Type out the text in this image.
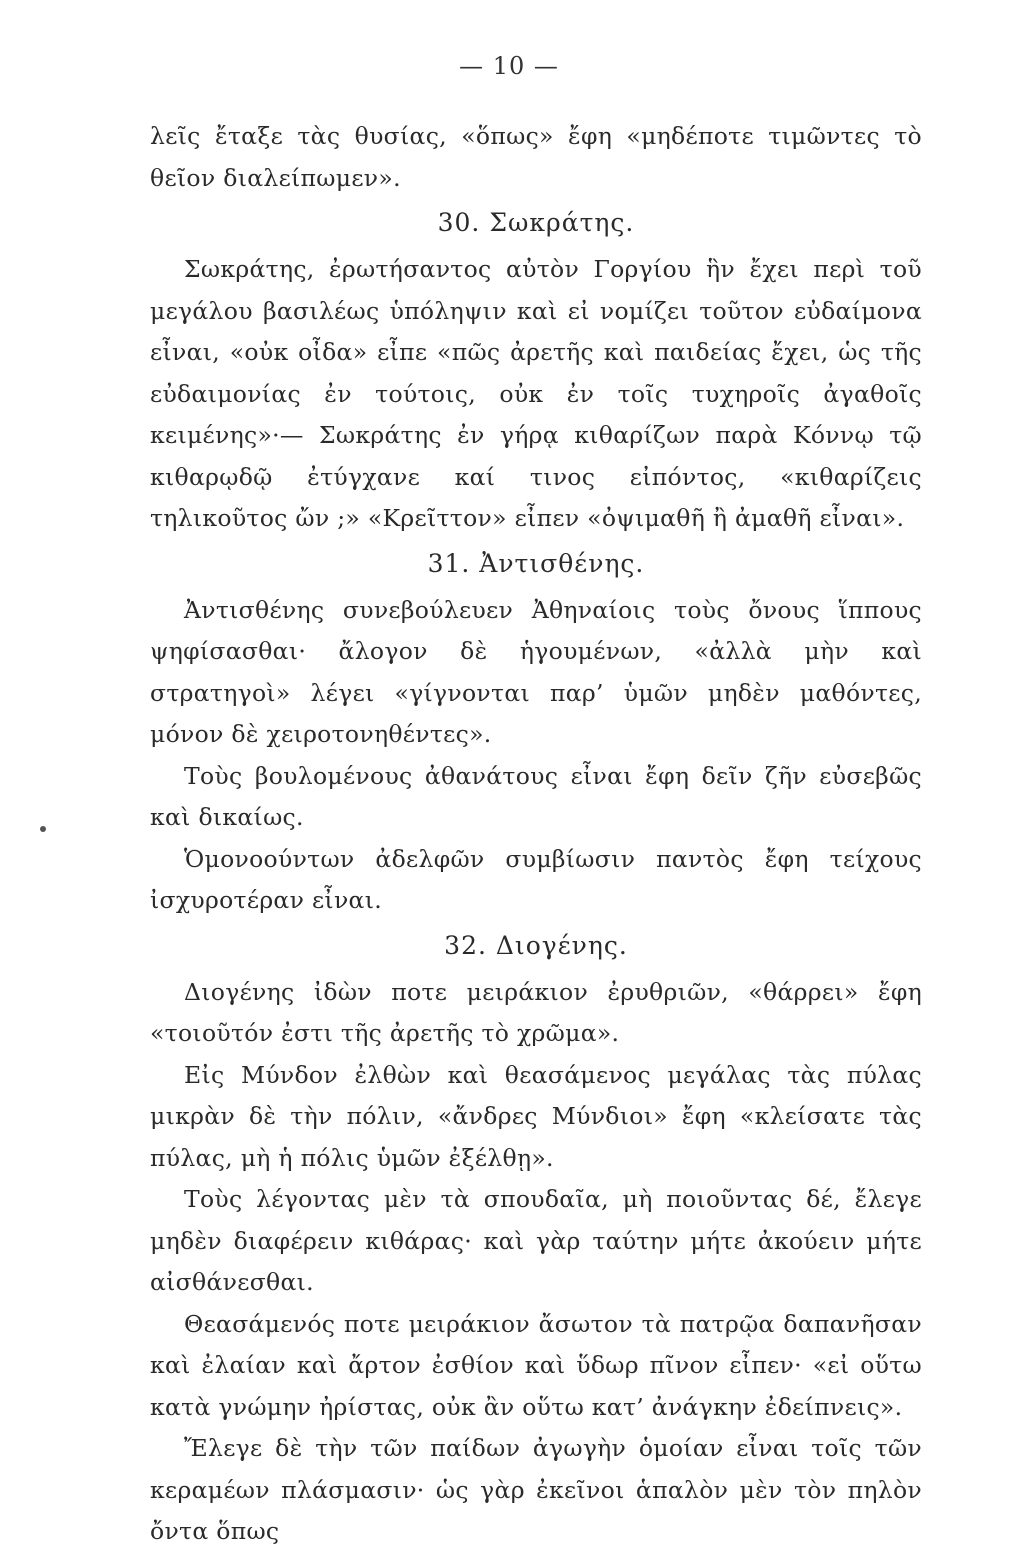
— 10 —

λεῖς ἔταξε τὰς θυσίας, «ὅπως» ἔφη «μηδέποτε τιμῶντες τὸ θεῖον διαλείπωμεν».

30. Σωκράτης.

Σωκράτης, ἐρωτήσαντος αὐτὸν Γοργίου ἣν ἔχει περὶ τοῦ μεγάλου βασιλέως ὑπόληψιν καὶ εἰ νομίζει τοῦτον εὐδαίμονα εἶναι, «οὐκ οἶδα» εἶπε «πῶς ἀρετῆς καὶ παιδείας ἔχει, ὡς τῆς εὐδαιμονίας ἐν τούτοις, οὐκ ἐν τοῖς τυχηροῖς ἀγαθοῖς κειμένης»·— Σωκράτης ἐν γήρᾳ κιθαρίζων παρὰ Κόννῳ τῷ κιθαρῳδῷ ἐτύγχανε καί τινος εἰπόντος, «κιθαρίζεις τηλικοῦτος ὤν ;» «Κρεῖττον» εἶπεν «ὀψιμαθῆ ἢ ἀμαθῆ εἶναι».

31. Ἀντισθένης.

Ἀντισθένης συνεβούλευεν Ἀθηναίοις τοὺς ὄνους ἵππους ψηφίσασθαι· ἄλογον δὲ ἡγουμένων, «ἀλλὰ μὴν καὶ στρατηγοὶ» λέγει «γίγνονται παρ’ ὑμῶν μηδὲν μαθόντες, μόνον δὲ χειροτονηθέντες».

Τοὺς βουλομένους ἀθανάτους εἶναι ἔφη δεῖν ζῆν εὐσεβῶς καὶ δικαίως.

Ὁμονοούντων ἀδελφῶν συμβίωσιν παντὸς ἔφη τείχους ἰσχυροτέραν εἶναι.

32. Διογένης.

Διογένης ἰδὼν ποτε μειράκιον ἐρυθριῶν, «θάρρει» ἔφη «τοιοῦτόν ἐστι τῆς ἀρετῆς τὸ χρῶμα».

Εἰς Μύνδον ἐλθὼν καὶ θεασάμενος μεγάλας τὰς πύλας μικρὰν δὲ τὴν πόλιν, «ἄνδρες Μύνδιοι» ἔφη «κλείσατε τὰς πύλας, μὴ ἡ πόλις ὑμῶν ἐξέλθῃ».

Τοὺς λέγοντας μὲν τὰ σπουδαῖα, μὴ ποιοῦντας δέ, ἔλεγε μηδὲν διαφέρειν κιθάρας· καὶ γὰρ ταύτην μήτε ἀκούειν μήτε αἰσθάνεσθαι.

Θεασάμενός ποτε μειράκιον ἄσωτον τὰ πατρῷα δαπανῆσαν καὶ ἐλαίαν καὶ ἄρτον ἐσθίον καὶ ὕδωρ πῖνον εἶπεν· «εἰ οὕτω κατὰ γνώμην ἠρίστας, οὐκ ἂν οὕτω κατ’ ἀνάγκην ἐδείπνεις».

Ἔλεγε δὲ τὴν τῶν παίδων ἀγωγὴν ὁμοίαν εἶναι τοῖς τῶν κεραμέων πλάσμασιν· ὡς γὰρ ἐκεῖνοι ἁπαλὸν μὲν τὸν πηλὸν ὄντα ὅπως
